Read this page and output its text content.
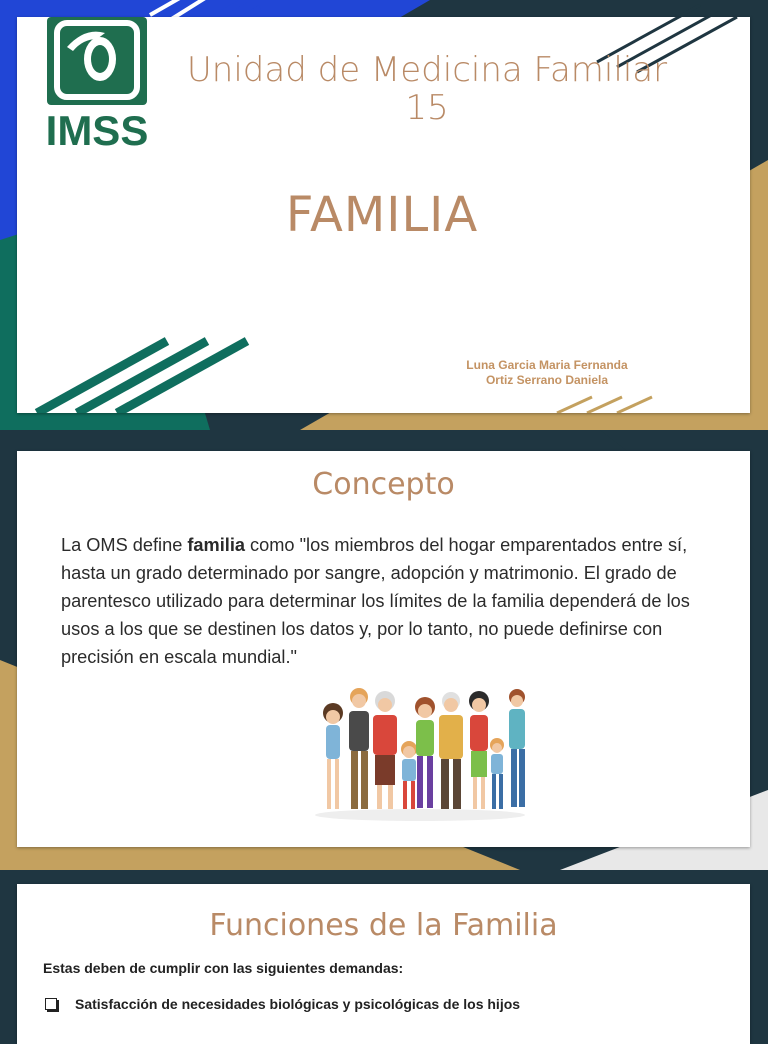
IMSS
Unidad de Medicina Familiar 15
FAMILIA
Luna Garcia Maria Fernanda
Ortiz Serrano Daniela
Concepto
La OMS define familia como "los miembros del hogar emparentados entre sí, hasta un grado determinado por sangre, adopción y matrimonio. El grado de parentesco utilizado para determinar los límites de la familia dependerá de los usos a los que se destinen los datos y, por lo tanto, no puede definirse con precisión en escala mundial."
Funciones de la Familia
Estas deben de cumplir con las siguientes demandas:
Satisfacción de necesidades biológicas y psicológicas de los hijos
